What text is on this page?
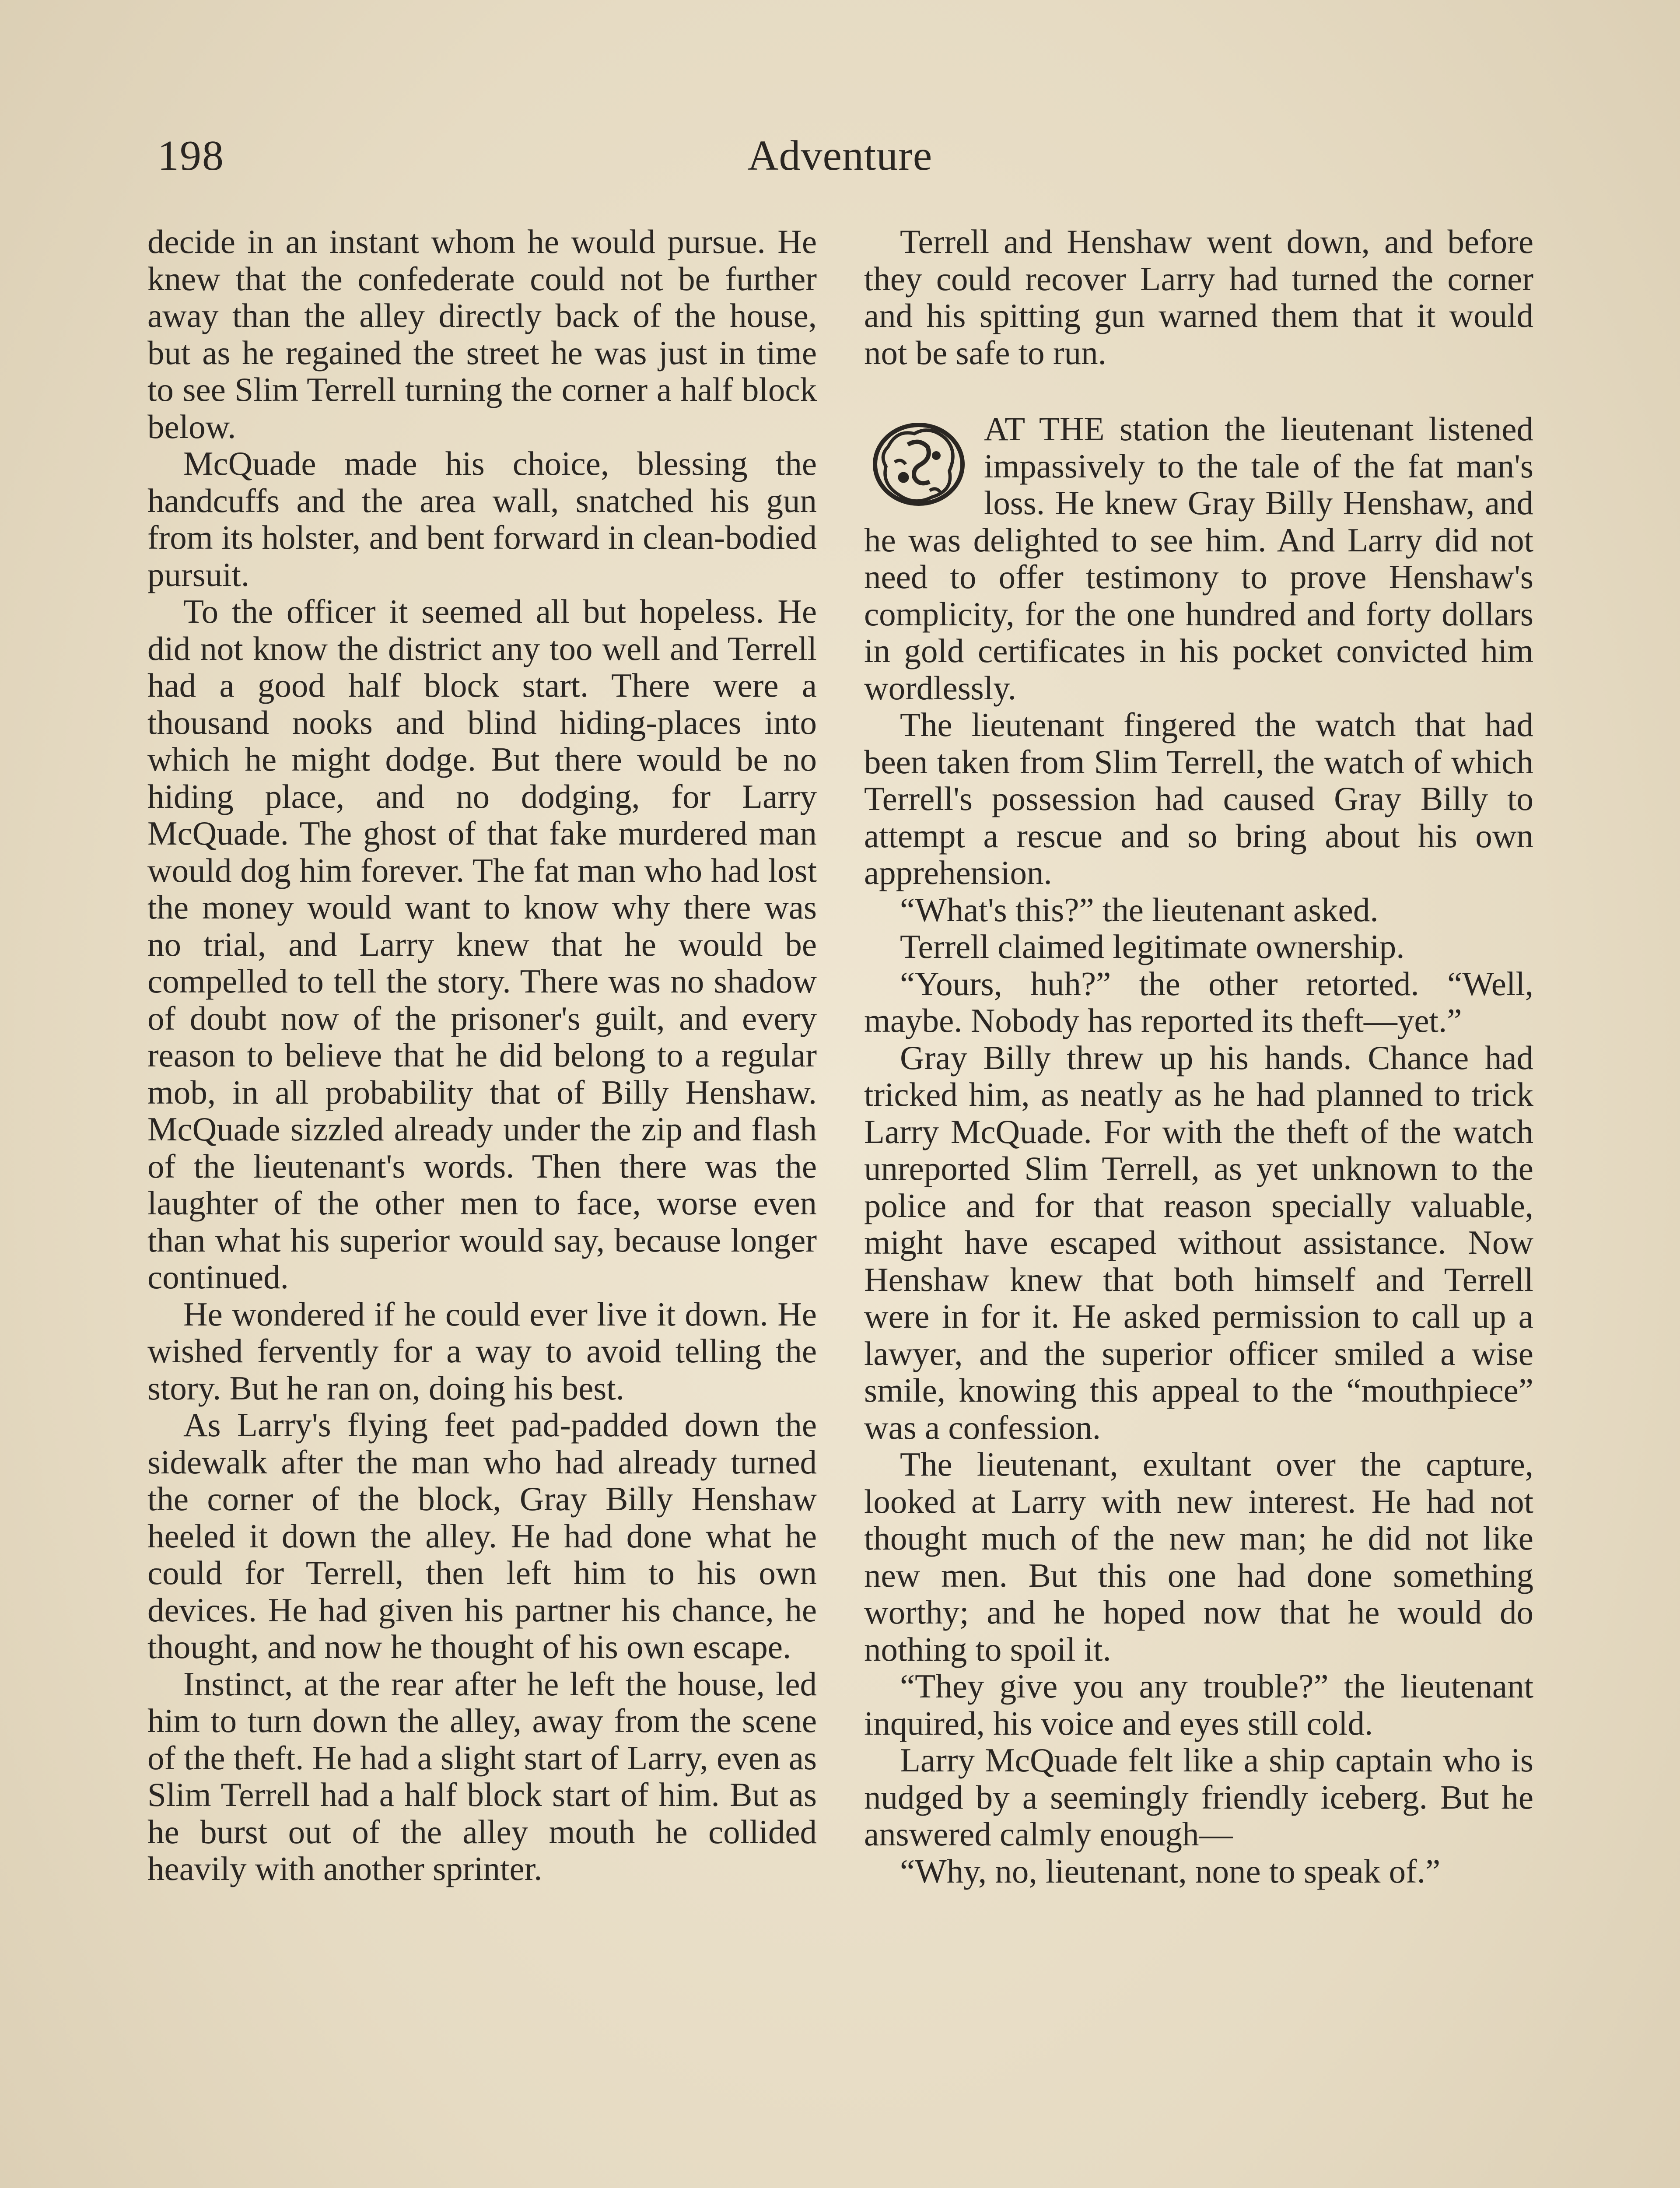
198	Adventure

decide in an instant whom he would pursue. He knew that the confederate could not be further away than the alley directly back of the house, but as he regained the street he was just in time to see Slim Terrell turning the corner a half block below.

McQuade made his choice, blessing the handcuffs and the area wall, snatched his gun from its holster, and bent forward in clean-bodied pursuit.

To the officer it seemed all but hopeless. He did not know the district any too well and Terrell had a good half block start. There were a thousand nooks and blind hiding-places into which he might dodge. But there would be no hiding place, and no dodging, for Larry McQuade. The ghost of that fake murdered man would dog him forever. The fat man who had lost the money would want to know why there was no trial, and Larry knew that he would be compelled to tell the story. There was no shadow of doubt now of the prisoner's guilt, and every reason to believe that he did belong to a regular mob, in all probability that of Billy Henshaw. McQuade sizzled already under the zip and flash of the lieutenant's words. Then there was the laughter of the other men to face, worse even than what his superior would say, because longer continued.

He wondered if he could ever live it down. He wished fervently for a way to avoid telling the story. But he ran on, doing his best.

As Larry's flying feet pad-padded down the sidewalk after the man who had already turned the corner of the block, Gray Billy Henshaw heeled it down the alley. He had done what he could for Terrell, then left him to his own devices. He had given his partner his chance, he thought, and now he thought of his own escape.

Instinct, at the rear after he left the house, led him to turn down the alley, away from the scene of the theft. He had a slight start of Larry, even as Slim Terrell had a half block start of him. But as he burst out of the alley mouth he collided heavily with another sprinter.

Terrell and Henshaw went down, and before they could recover Larry had turned the corner and his spitting gun warned them that it would not be safe to run.

AT THE station the lieutenant listened impassively to the tale of the fat man's loss. He knew Gray Billy Henshaw, and he was delighted to see him. And Larry did not need to offer testimony to prove Henshaw's complicity, for the one hundred and forty dollars in gold certificates in his pocket convicted him wordlessly.

The lieutenant fingered the watch that had been taken from Slim Terrell, the watch of which Terrell's possession had caused Gray Billy to attempt a rescue and so bring about his own apprehension.

“What's this?” the lieutenant asked.

Terrell claimed legitimate ownership.

“Yours, huh?” the other retorted. “Well, maybe. Nobody has reported its theft—yet.”

Gray Billy threw up his hands. Chance had tricked him, as neatly as he had planned to trick Larry McQuade. For with the theft of the watch unreported Slim Terrell, as yet unknown to the police and for that reason specially valuable, might have escaped without assistance. Now Henshaw knew that both himself and Terrell were in for it. He asked permission to call up a lawyer, and the superior officer smiled a wise smile, knowing this appeal to the “mouthpiece” was a confession.

The lieutenant, exultant over the capture, looked at Larry with new interest. He had not thought much of the new man; he did not like new men. But this one had done something worthy; and he hoped now that he would do nothing to spoil it.

“They give you any trouble?” the lieutenant inquired, his voice and eyes still cold.

Larry McQuade felt like a ship captain who is nudged by a seemingly friendly iceberg. But he answered calmly enough—

“Why, no, lieutenant, none to speak of.”
